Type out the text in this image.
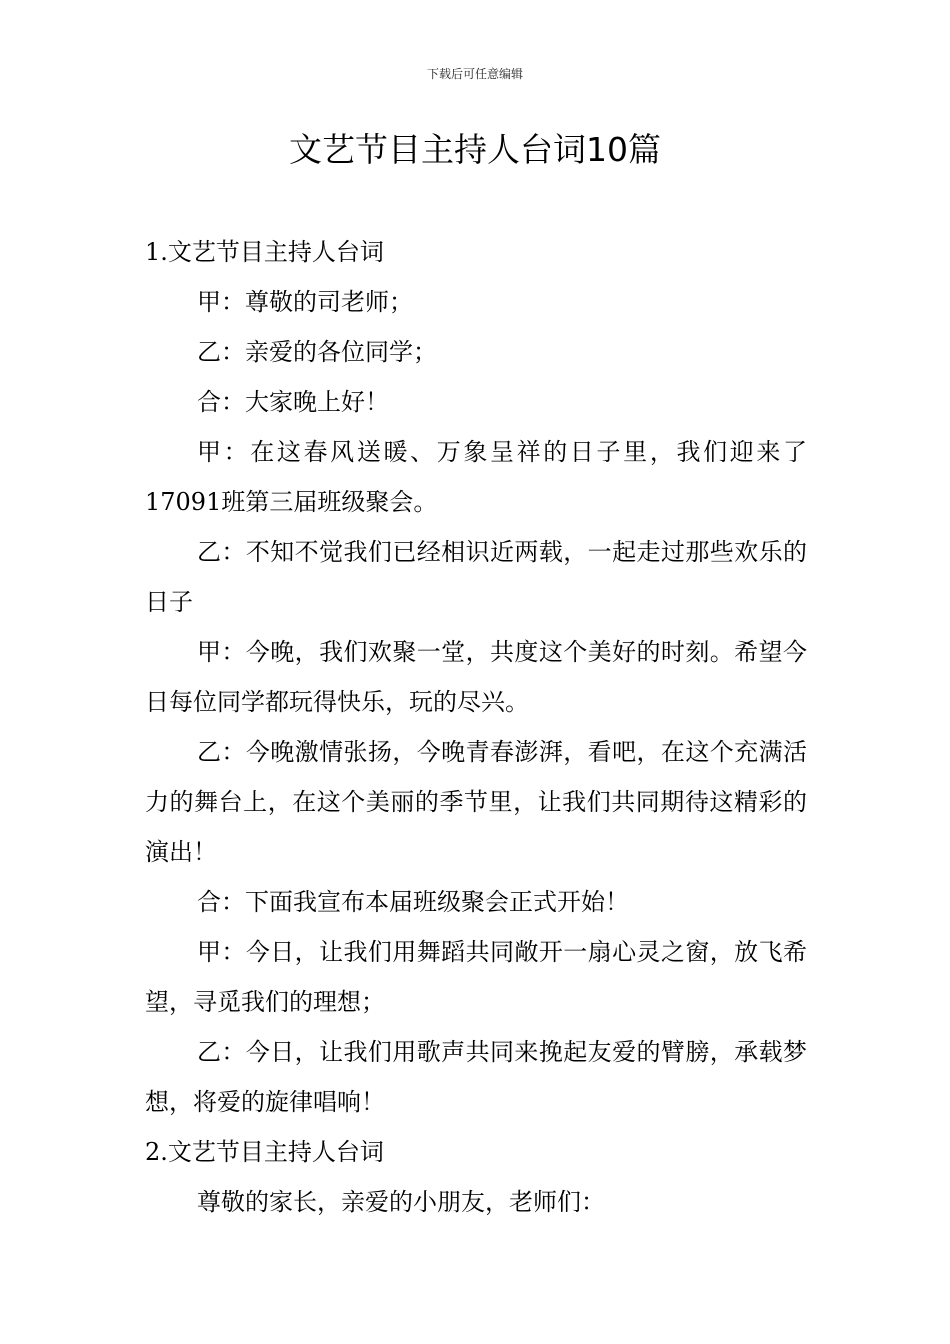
下载后可任意编辑
文艺节目主持人台词10篇

1.文艺节目主持人台词

甲：尊敬的司老师；

乙：亲爱的各位同学；

合：大家晚上好！

甲：在这春风送暖、万象呈祥的日子里，我们迎来了17091班第三届班级聚会。

乙：不知不觉我们已经相识近两载，一起走过那些欢乐的日子

甲：今晚，我们欢聚一堂，共度这个美好的时刻。希望今日每位同学都玩得快乐，玩的尽兴。

乙：今晚激情张扬，今晚青春澎湃，看吧，在这个充满活力的舞台上，在这个美丽的季节里，让我们共同期待这精彩的演出！

合：下面我宣布本届班级聚会正式开始！

甲：今日，让我们用舞蹈共同敞开一扇心灵之窗，放飞希望，寻觅我们的理想；

乙：今日，让我们用歌声共同来挽起友爱的臂膀，承载梦想，将爱的旋律唱响！

2.文艺节目主持人台词

尊敬的家长，亲爱的小朋友，老师们：
